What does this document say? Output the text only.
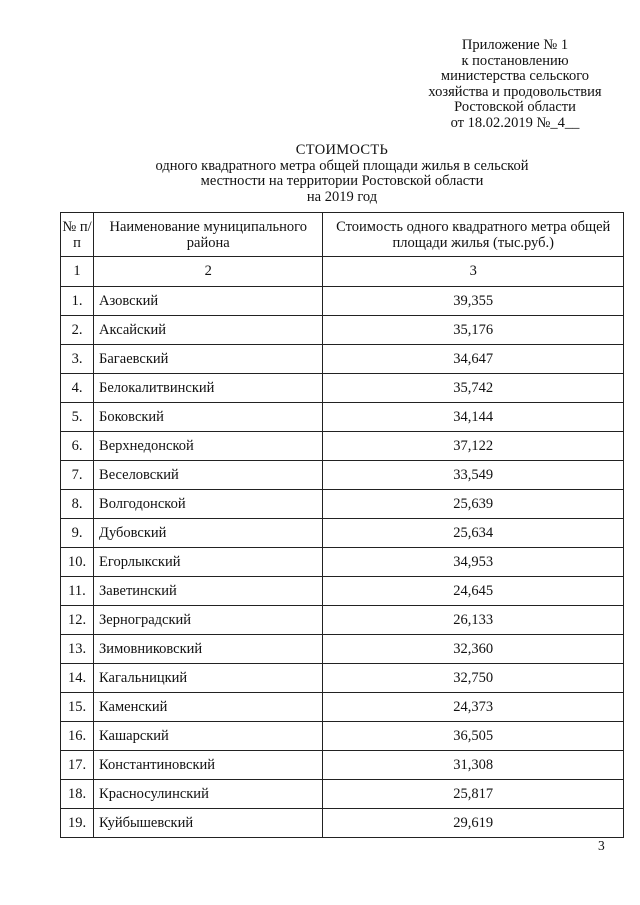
Приложение № 1
к постановлению
министерства сельского
хозяйства и продовольствия
Ростовской области
от 18.02.2019 №_4__
СТОИМОСТЬ
одного квадратного метра общей площади жилья в сельской
местности на территории Ростовской области
на 2019 год
№ п/п	Наименование муниципального района	Стоимость одного квадратного метра общей площади жилья (тыс.руб.)
1	2	3
1.	Азовский	39,355
2.	Аксайский	35,176
3.	Багаевский	34,647
4.	Белокалитвинский	35,742
5.	Боковский	34,144
6.	Верхнедонской	37,122
7.	Веселовский	33,549
8.	Волгодонской	25,639
9.	Дубовский	25,634
10.	Егорлыкский	34,953
11.	Заветинский	24,645
12.	Зерноградский	26,133
13.	Зимовниковский	32,360
14.	Кагальницкий	32,750
15.	Каменский	24,373
16.	Кашарский	36,505
17.	Константиновский	31,308
18.	Красносулинский	25,817
19.	Куйбышевский	29,619
3
